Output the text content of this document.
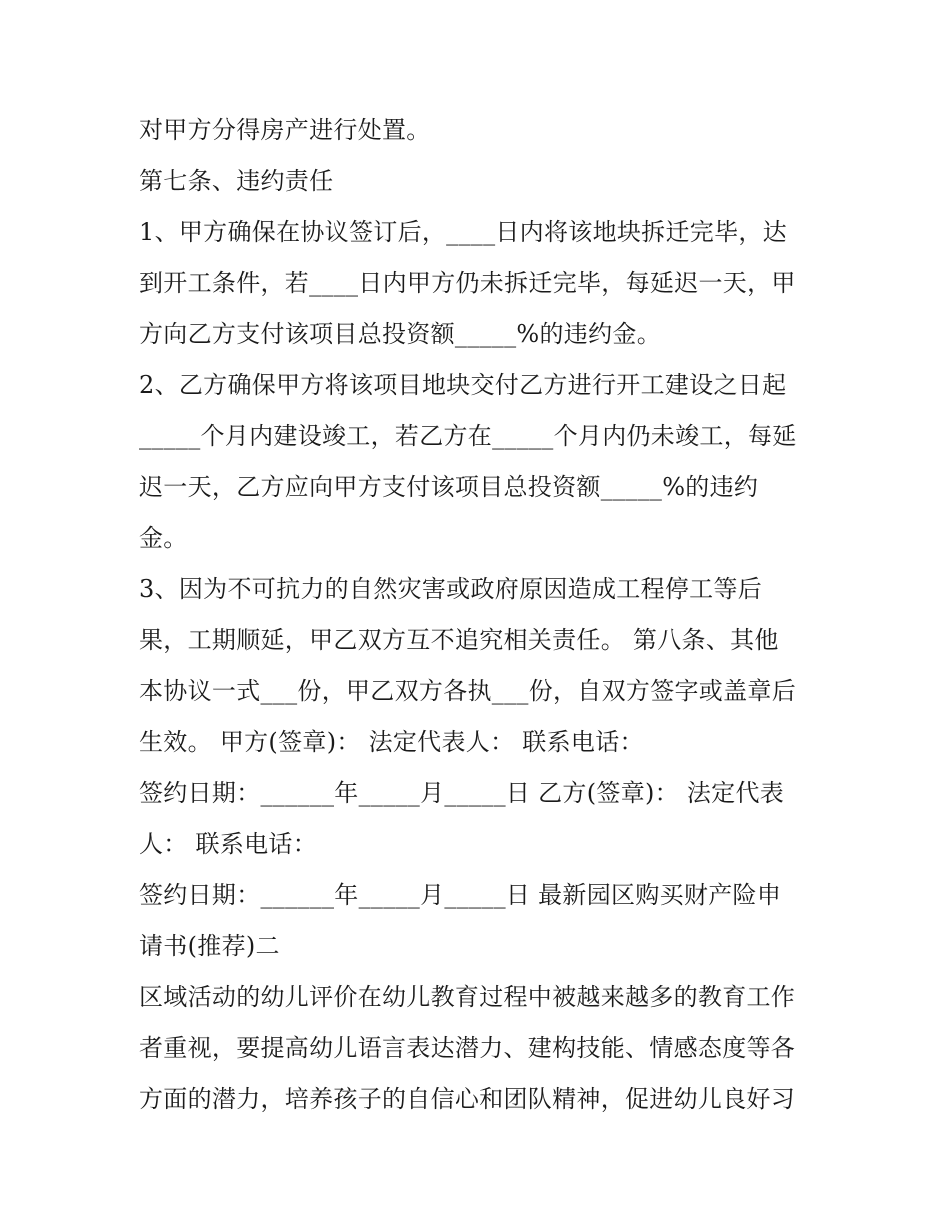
对甲方分得房产进行处置。
第七条、违约责任
1、甲方确保在协议签订后，____日内将该地块拆迁完毕，达
到开工条件，若____日内甲方仍未拆迁完毕，每延迟一天，甲
方向乙方支付该项目总投资额_____%的违约金。
2、乙方确保甲方将该项目地块交付乙方进行开工建设之日起
_____个月内建设竣工，若乙方在_____个月内仍未竣工，每延
迟一天，乙方应向甲方支付该项目总投资额_____%的违约
金。
3、因为不可抗力的自然灾害或政府原因造成工程停工等后
果，工期顺延，甲乙双方互不追究相关责任。 第八条、其他
本协议一式___份，甲乙双方各执___份，自双方签字或盖章后
生效。 甲方(签章)： 法定代表人： 联系电话：
签约日期：______年_____月_____日 乙方(签章)： 法定代表
人： 联系电话：
签约日期：______年_____月_____日 最新园区购买财产险申
请书(推荐)二
区域活动的幼儿评价在幼儿教育过程中被越来越多的教育工作
者重视，要提高幼儿语言表达潜力、建构技能、情感态度等各
方面的潜力，培养孩子的自信心和团队精神，促进幼儿良好习
